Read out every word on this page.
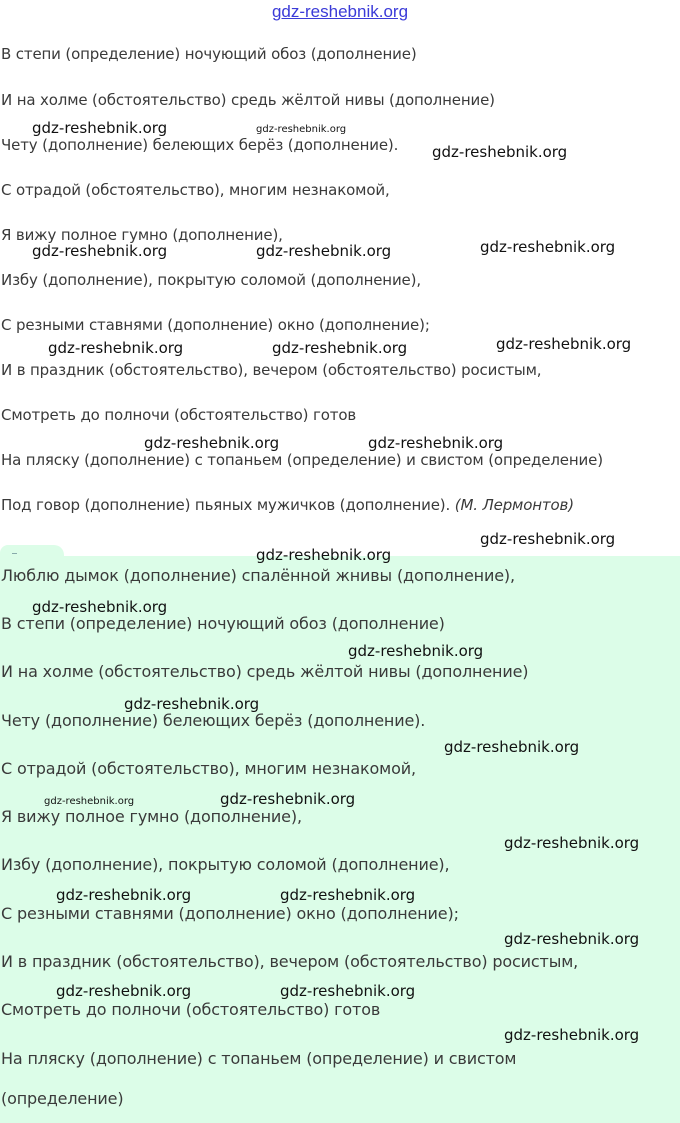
gdz-reshebnik.org
В степи (определение) ночующий обоз (дополнение)
И на холме (обстоятельство) средь жёлтой нивы (дополнение)
Чету (дополнение) белеющих берёз (дополнение).
С отрадой (обстоятельство), многим незнакомой,
Я вижу полное гумно (дополнение),
Избу (дополнение), покрытую соломой (дополнение),
С резными ставнями (дополнение) окно (дополнение);
И в праздник (обстоятельство), вечером (обстоятельство) росистым,
Смотреть до полночи (обстоятельство) готов
На пляску (дополнение) с топаньем (определение) и свистом (определение)
Под говор (дополнение) пьяных мужичков (дополнение). (М. Лермонтов)
Люблю дымок (дополнение) спалённой жнивы (дополнение),
В степи (определение) ночующий обоз (дополнение)
И на холме (обстоятельство) средь жёлтой нивы (дополнение)
Чету (дополнение) белеющих берёз (дополнение).
С отрадой (обстоятельство), многим незнакомой,
Я вижу полное гумно (дополнение),
Избу (дополнение), покрытую соломой (дополнение),
С резными ставнями (дополнение) окно (дополнение);
И в праздник (обстоятельство), вечером (обстоятельство) росистым,
Смотреть до полночи (обстоятельство) готов
На пляску (дополнение) с топаньем (определение) и свистом
(определение)
gdz-reshebnik.org	gdz-reshebnik.org
gdz-reshebnik.org
gdz-reshebnik.org	gdz-reshebnik.org	gdz-reshebnik.org
gdz-reshebnik.org	gdz-reshebnik.org	gdz-reshebnik.org
gdz-reshebnik.org	gdz-reshebnik.org
gdz-reshebnik.org
gdz-reshebnik.org
gdz-reshebnik.org
gdz-reshebnik.org
gdz-reshebnik.org
gdz-reshebnik.org
gdz-reshebnik.org	gdz-reshebnik.org
gdz-reshebnik.org
gdz-reshebnik.org	gdz-reshebnik.org
gdz-reshebnik.org
gdz-reshebnik.org	gdz-reshebnik.org
gdz-reshebnik.org
